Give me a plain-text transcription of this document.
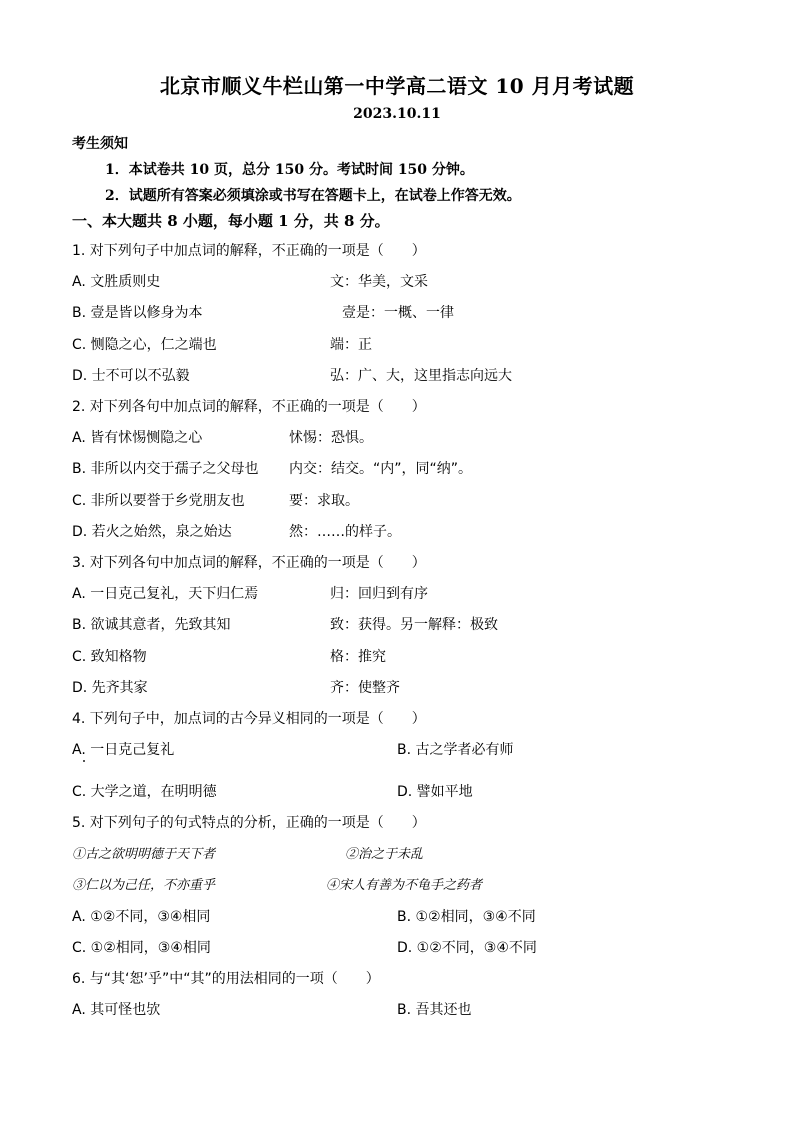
北京市顺义牛栏山第一中学高二语文 10 月月考试题
2023.10.11
考生须知
1．本试卷共 10 页，总分 150 分。考试时间 150 分钟。
2．试题所有答案必须填涂或书写在答题卡上，在试卷上作答无效。
一、本大题共 8 小题，每小题 1 分，共 8 分。
1. 对下列句子中加点词的解释，不正确的一项是（　　）
A. 文胜质则史	文：华美，文采
B. 壹是皆以修身为本	壹是：一概、一律
C. 恻隐之心，仁之端也	端：正
D. 士不可以不弘毅	弘：广、大，这里指志向远大
2. 对下列各句中加点词的解释，不正确的一项是（　　）
A. 皆有怵惕恻隐之心	怵惕：恐惧。
B. 非所以内交于孺子之父母也 内交：结交。“内”，同“纳”。
C. 非所以要誉于乡党朋友也	要：求取。
D. 若火之始然，泉之始达	然：……的样子。
3. 对下列各句中加点词的解释，不正确的一项是（　　）
A. 一日克己复礼，天下归仁焉	归：回归到有序
B. 欲诚其意者，先致其知	致：获得。另一解释：极致
C. 致知格物	格：推究
D. 先齐其家	齐：使整齐
4. 下列句子中，加点词的古今异义相同的一项是（　　）
A. 一日克己复礼	B. 古之学者必有师
C. 大学之道，在明明德	D. 譬如平地
5. 对下列句子的句式特点的分析，正确的一项是（　　）
①古之欲明明德于天下者	②治之于未乱
③仁以为己任，不亦重乎	④宋人有善为不龟手之药者
A. ①②不同，③④相同	B. ①②相同，③④不同
C. ①②相同，③④相同	D. ①②不同，③④不同
6. 与“其‘恕’乎”中“其”的用法相同的一项（　　）
A. 其可怪也欤	B. 吾其还也
